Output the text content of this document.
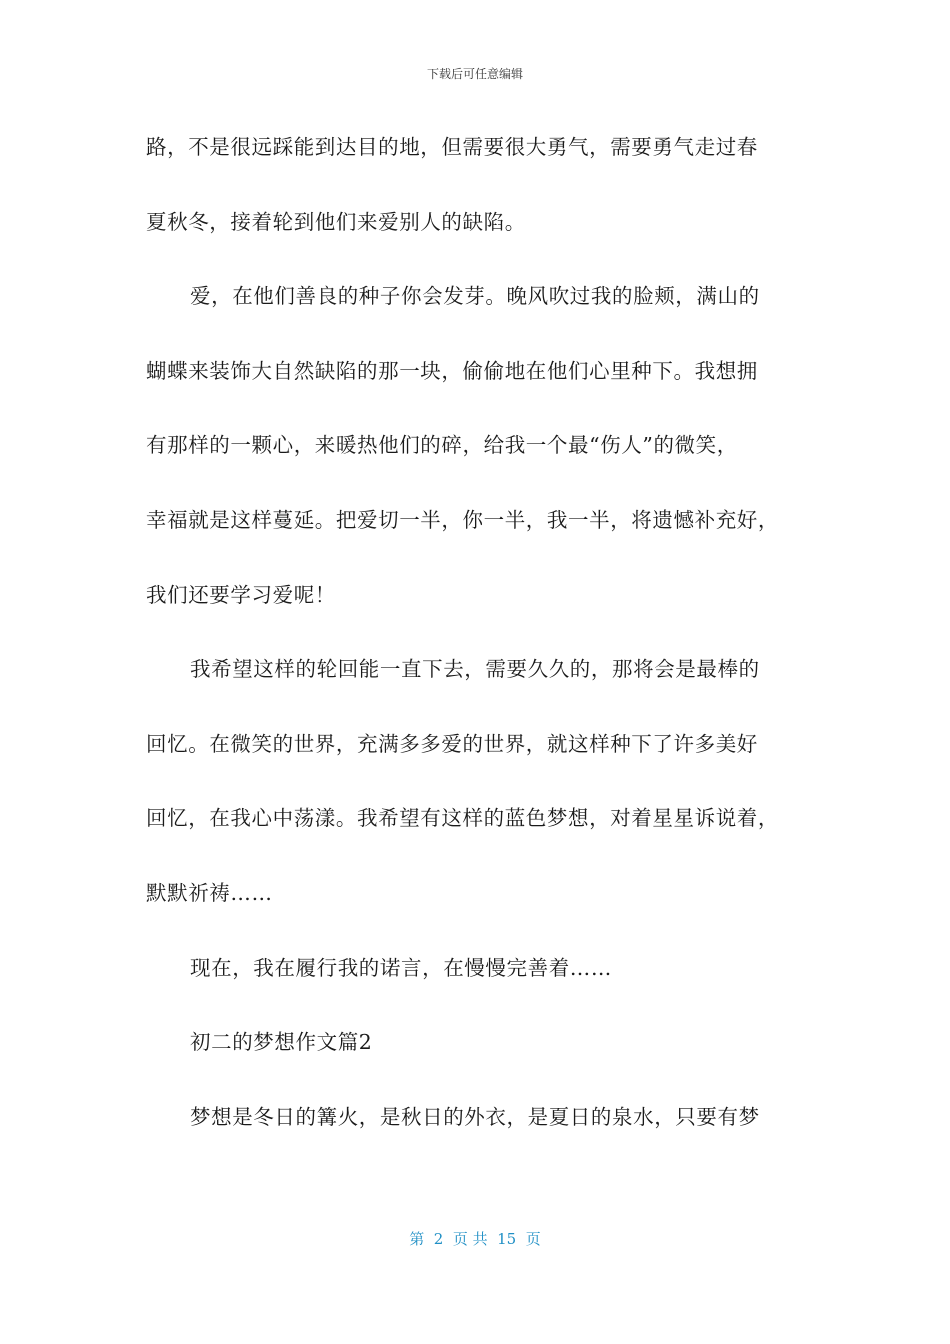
下载后可任意编辑
路，不是很远踩能到达目的地，但需要很大勇气，需要勇气走过春
夏秋冬，接着轮到他们来爱别人的缺陷。
爱，在他们善良的种子你会发芽。晚风吹过我的脸颊，满山的
蝴蝶来装饰大自然缺陷的那一块，偷偷地在他们心里种下。我想拥
有那样的一颗心，来暖热他们的碎，给我一个最“伤人”的微笑，
幸福就是这样蔓延。把爱切一半，你一半，我一半，将遗憾补充好，
我们还要学习爱呢！
我希望这样的轮回能一直下去，需要久久的，那将会是最棒的
回忆。在微笑的世界，充满多多爱的世界，就这样种下了许多美好
回忆，在我心中荡漾。我希望有这样的蓝色梦想，对着星星诉说着，
默默祈祷……
现在，我在履行我的诺言，在慢慢完善着……
初二的梦想作文篇2
梦想是冬日的篝火，是秋日的外衣，是夏日的泉水，只要有梦
第  2  页 共  15  页
